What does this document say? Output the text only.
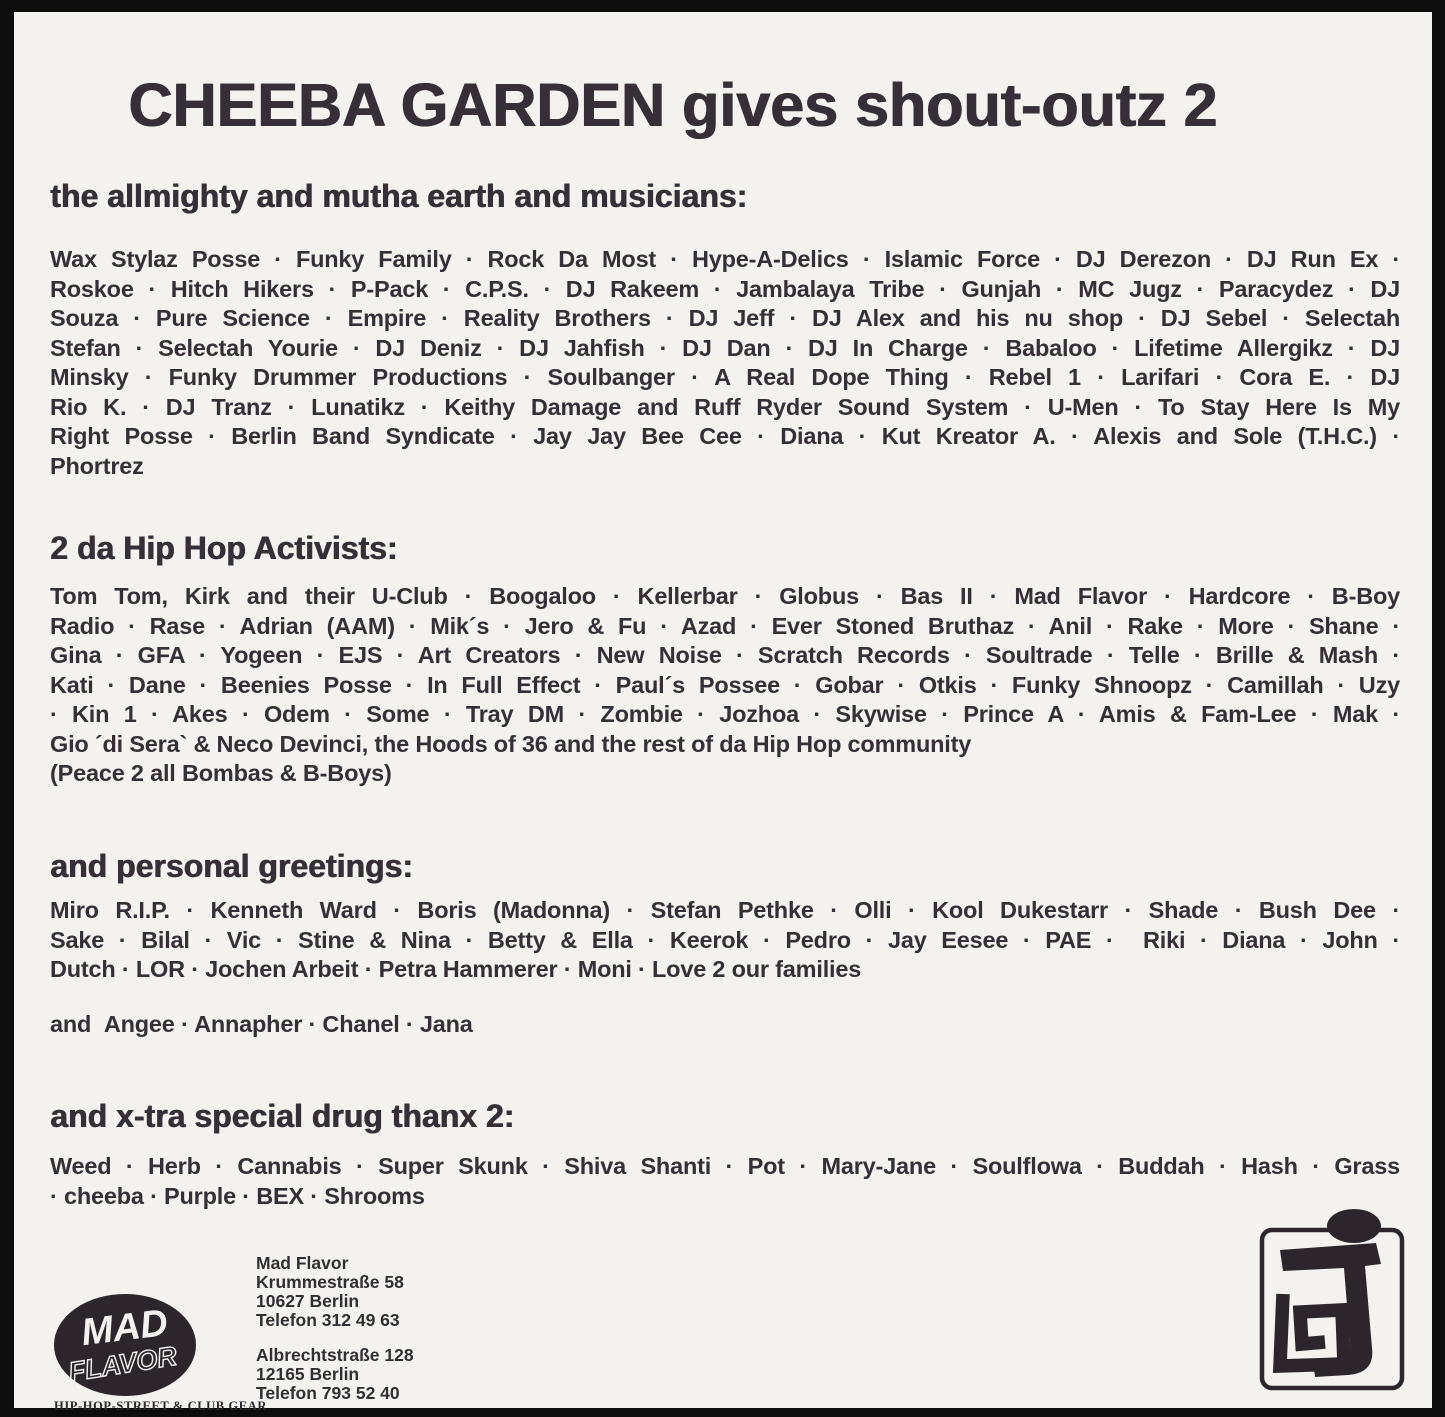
CHEEBA GARDEN gives shout-outz 2
the allmighty and mutha earth and musicians:
Wax Stylaz Posse · Funky Family · Rock Da Most · Hype-A-Delics · Islamic Force · DJ Derezon · DJ Run Ex ·
Roskoe · Hitch Hikers · P-Pack · C.P.S. · DJ Rakeem · Jambalaya Tribe · Gunjah · MC Jugz · Paracydez · DJ
Souza · Pure Science · Empire · Reality Brothers · DJ Jeff · DJ Alex and his nu shop · DJ Sebel · Selectah
Stefan · Selectah Yourie · DJ Deniz · DJ Jahfish · DJ Dan · DJ In Charge · Babaloo · Lifetime Allergikz · DJ
Minsky · Funky Drummer Productions · Soulbanger · A Real Dope Thing · Rebel 1 · Larifari · Cora E. · DJ
Rio K. · DJ Tranz · Lunatikz · Keithy Damage and Ruff Ryder Sound System · U-Men · To Stay Here Is My
Right Posse · Berlin Band Syndicate · Jay Jay Bee Cee · Diana · Kut Kreator A. · Alexis and Sole (T.H.C.) ·
Phortrez
2 da Hip Hop Activists:
Tom Tom, Kirk and their U-Club · Boogaloo · Kellerbar · Globus · Bas II · Mad Flavor · Hardcore · B-Boy
Radio · Rase · Adrian (AAM) · Mik´s · Jero & Fu · Azad · Ever Stoned Bruthaz · Anil · Rake · More · Shane ·
Gina · GFA · Yogeen · EJS · Art Creators · New Noise · Scratch Records · Soultrade · Telle · Brille & Mash ·
Kati · Dane · Beenies Posse · In Full Effect · Paul´s Possee · Gobar · Otkis · Funky Shnoopz · Camillah · Uzy
· Kin 1 · Akes · Odem · Some · Tray DM · Zombie · Jozhoa · Skywise · Prince A · Amis & Fam-Lee · Mak ·
Gio ´di Sera` & Neco Devinci, the Hoods of 36 and the rest of da Hip Hop community
(Peace 2 all Bombas & B-Boys)
and personal greetings:
Miro R.I.P. · Kenneth Ward · Boris (Madonna) · Stefan Pethke · Olli · Kool Dukestarr · Shade · Bush Dee ·
Sake · Bilal · Vic · Stine & Nina · Betty & Ella · Keerok · Pedro · Jay Eesee · PAE ·  Riki · Diana · John ·
Dutch · LOR · Jochen Arbeit · Petra Hammerer · Moni · Love 2 our families
and  Angee · Annapher · Chanel · Jana
and x-tra special drug thanx 2:
Weed · Herb · Cannabis · Super Skunk · Shiva Shanti · Pot · Mary-Jane · Soulflowa · Buddah · Hash · Grass
· cheeba · Purple · BEX · Shrooms
MAD
FLAVOR
HIP-HOP-STREET & CLUB GEAR
Mad Flavor
Krummestraße 58
10627 Berlin
Telefon 312 49 63
Albrechtstraße 128
12165 Berlin
Telefon 793 52 40
